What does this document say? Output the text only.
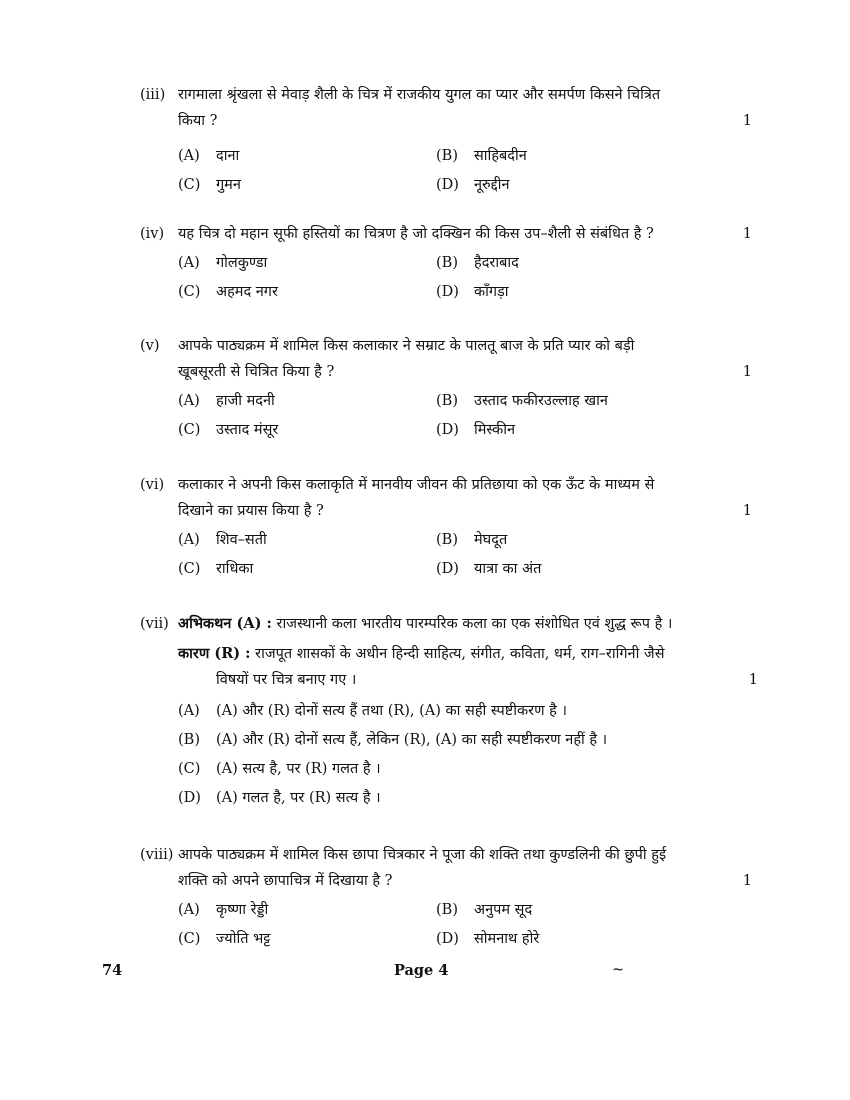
(iii) रागमाला श्रृंखला से मेवाड़ शैली के चित्र में राजकीय युगल का प्यार और समर्पण किसने चित्रित
किया ?	1
(A) दाना	(B) साहिबदीन
(C) गुमन	(D) नूरुद्दीन
(iv) यह चित्र दो महान सूफी हस्तियों का चित्रण है जो दक्खिन की किस उप–शैली से संबंधित है ?	1
(A) गोलकुण्डा	(B) हैदराबाद
(C) अहमद नगर	(D) काँगड़ा
(v) आपके पाठ्यक्रम में शामिल किस कलाकार ने सम्राट के पालतू बाज के प्रति प्यार को बड़ी
खूबसूरती से चित्रित किया है ?	1
(A) हाजी मदनी	(B) उस्ताद फकीरउल्लाह खान
(C) उस्ताद मंसूर	(D) मिस्कीन
(vi) कलाकार ने अपनी किस कलाकृति में मानवीय जीवन की प्रतिछाया को एक ऊँट के माध्यम से
दिखाने का प्रयास किया है ?	1
(A) शिव–सती	(B) मेघदूत
(C) राधिका	(D) यात्रा का अंत
(vii) अभिकथन (A) : राजस्थानी कला भारतीय पारम्परिक कला का एक संशोधित एवं शुद्ध रूप है ।
कारण (R) : राजपूत शासकों के अधीन हिन्दी साहित्य, संगीत, कविता, धर्म, राग–रागिनी जैसे
विषयों पर चित्र बनाए गए ।	1
(A) (A) और (R) दोनों सत्य हैं तथा (R), (A) का सही स्पष्टीकरण है ।
(B) (A) और (R) दोनों सत्य हैं, लेकिन (R), (A) का सही स्पष्टीकरण नहीं है ।
(C) (A) सत्य है, पर (R) गलत है ।
(D) (A) गलत है, पर (R) सत्य है ।
(viii) आपके पाठ्यक्रम में शामिल किस छापा चित्रकार ने पूजा की शक्ति तथा कुण्डलिनी की छुपी हुई
शक्ति को अपने छापाचित्र में दिखाया है ?	1
(A) कृष्णा रेड्डी	(B) अनुपम सूद
(C) ज्योति भट्ट	(D) सोमनाथ होरे
74	Page 4	~
